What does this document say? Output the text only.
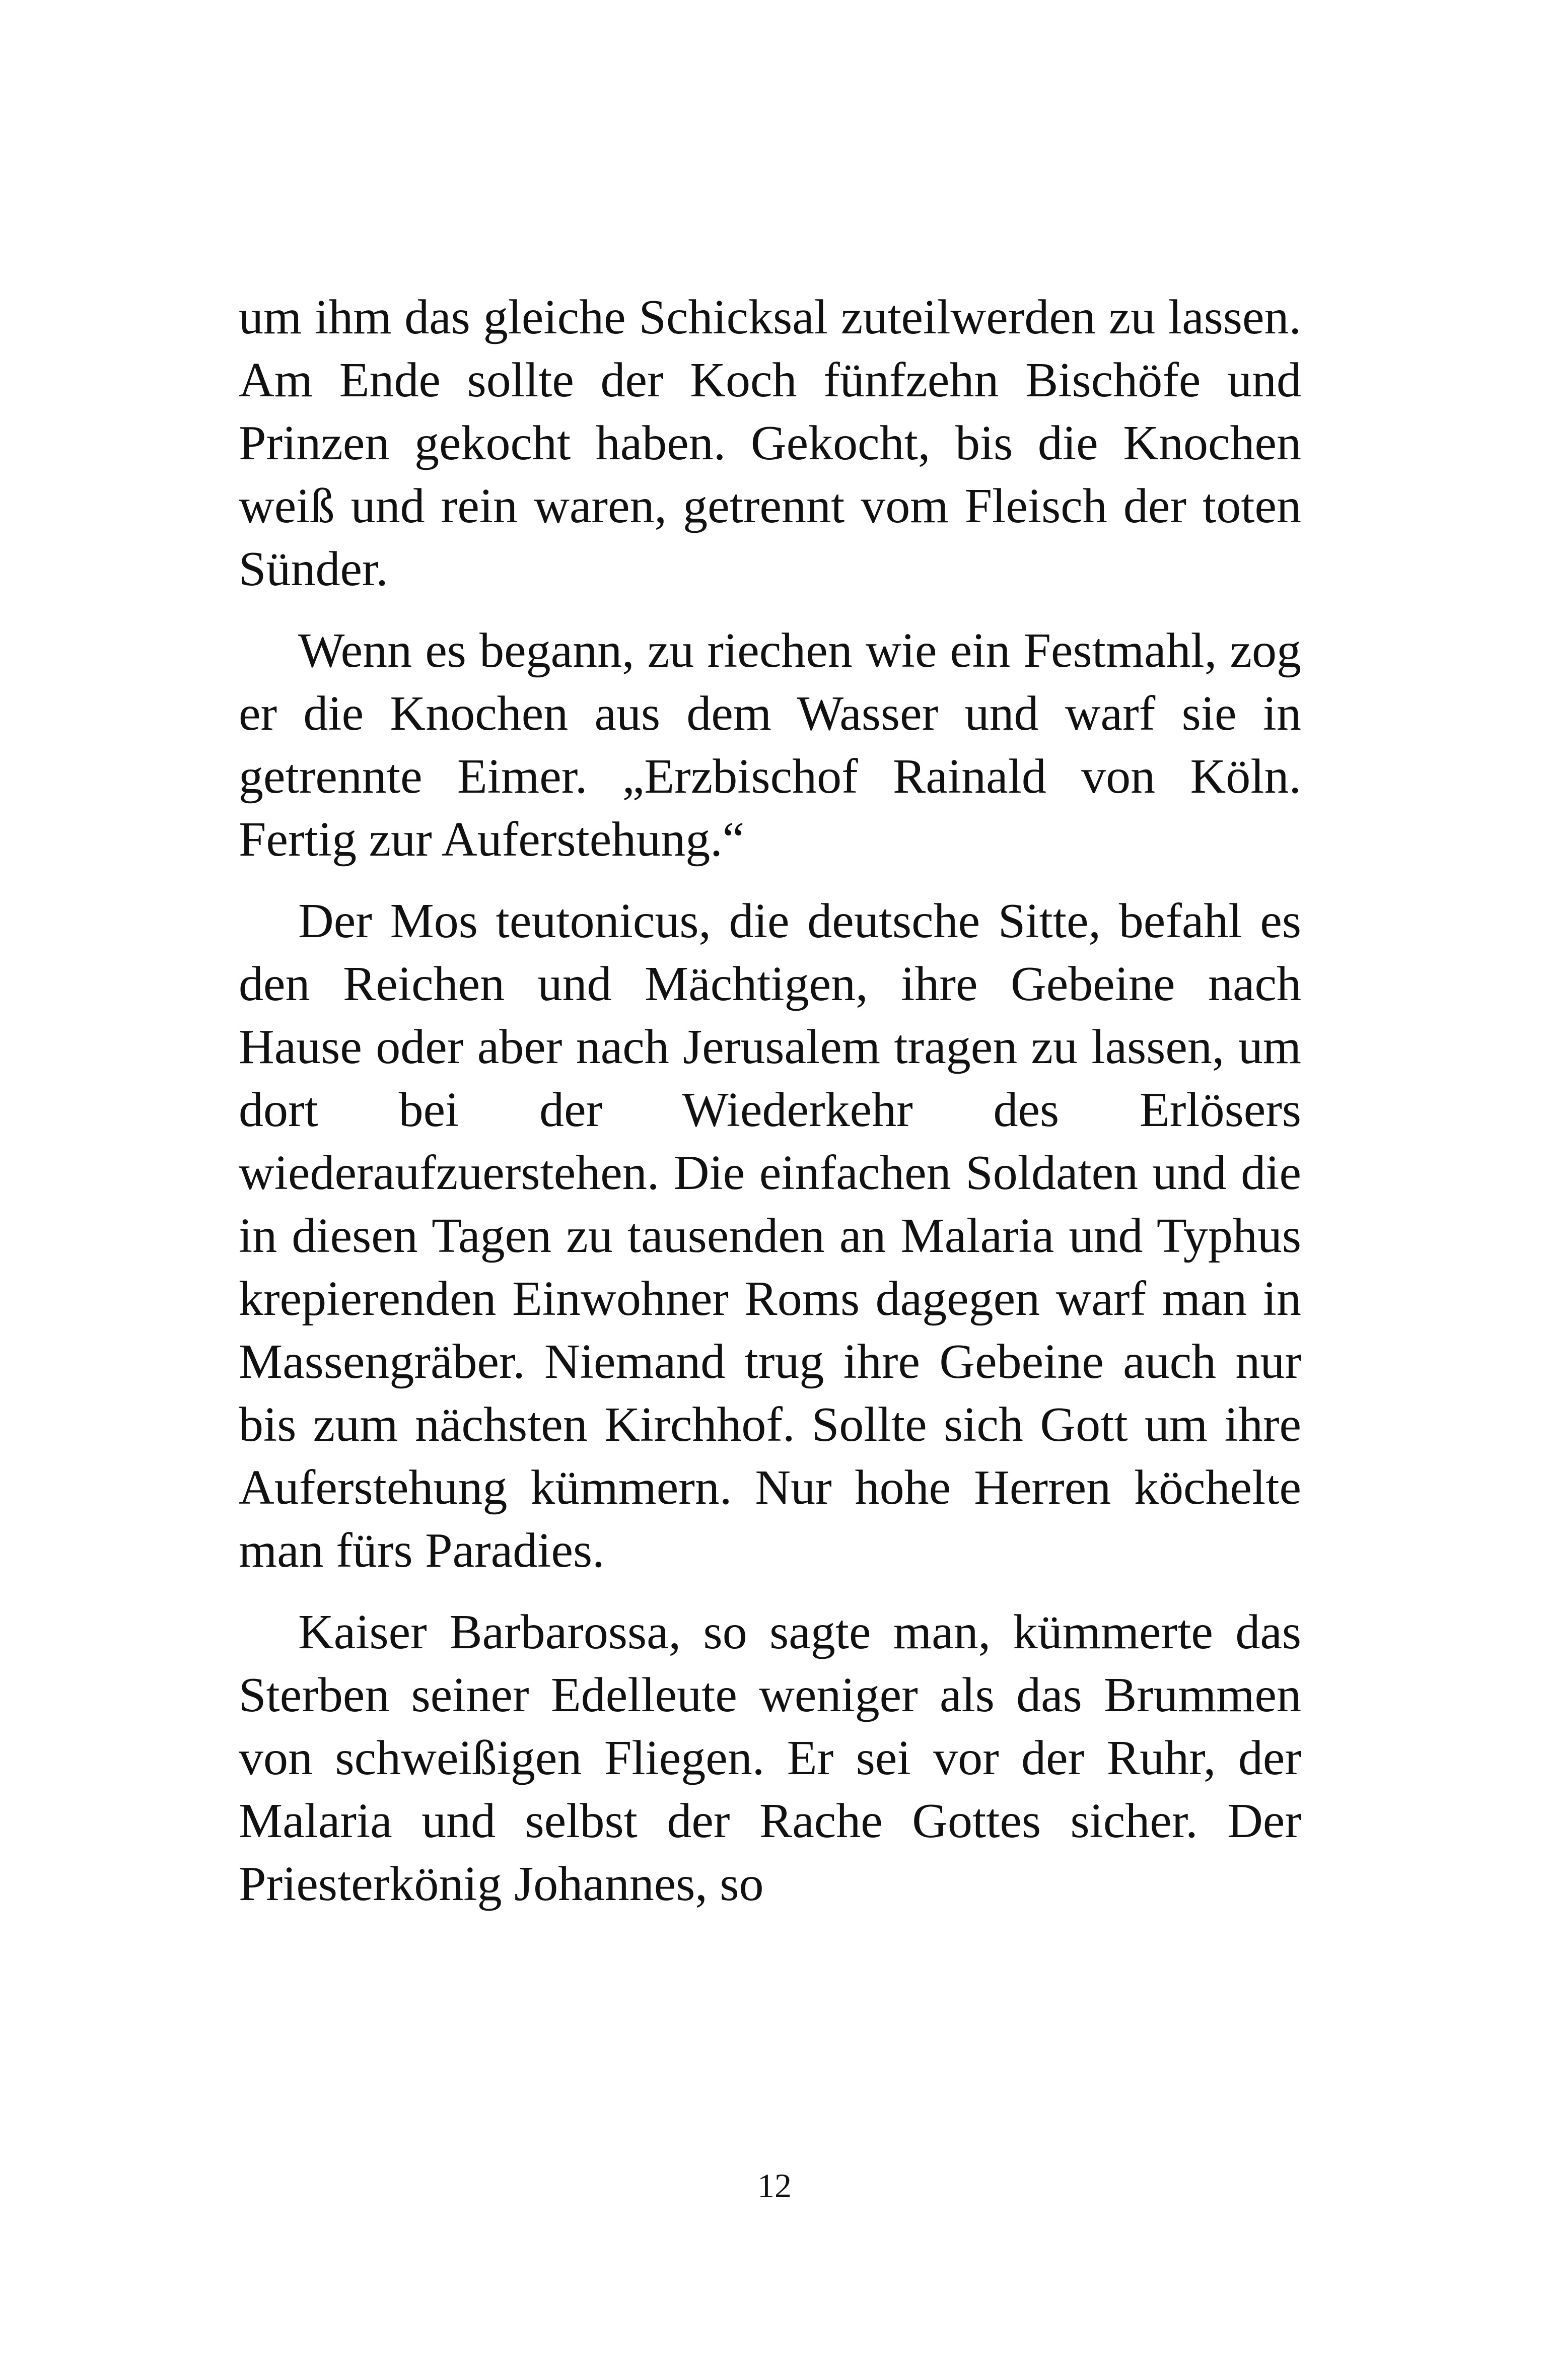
um ihm das gleiche Schicksal zuteilwerden zu lassen. Am Ende sollte der Koch fünfzehn Bischöfe und Prinzen gekocht haben. Gekocht, bis die Knochen weiß und rein waren, getrennt vom Fleisch der toten Sünder.

Wenn es begann, zu riechen wie ein Festmahl, zog er die Knochen aus dem Wasser und warf sie in getrennte Eimer. „Erzbischof Rainald von Köln. Fertig zur Auferstehung.“

Der Mos teutonicus, die deutsche Sitte, befahl es den Reichen und Mächtigen, ihre Gebeine nach Hause oder aber nach Jerusalem tragen zu lassen, um dort bei der Wiederkehr des Erlösers wiederaufzuerstehen. Die einfachen Soldaten und die in diesen Tagen zu tausenden an Malaria und Typhus krepierenden Einwohner Roms dagegen warf man in Massengräber. Niemand trug ihre Gebeine auch nur bis zum nächsten Kirchhof. Sollte sich Gott um ihre Auferstehung kümmern. Nur hohe Herren köchelte man fürs Paradies.

Kaiser Barbarossa, so sagte man, kümmerte das Sterben seiner Edelleute weniger als das Brummen von schweißigen Fliegen. Er sei vor der Ruhr, der Malaria und selbst der Rache Gottes sicher. Der Priesterkönig Johannes, so

12
